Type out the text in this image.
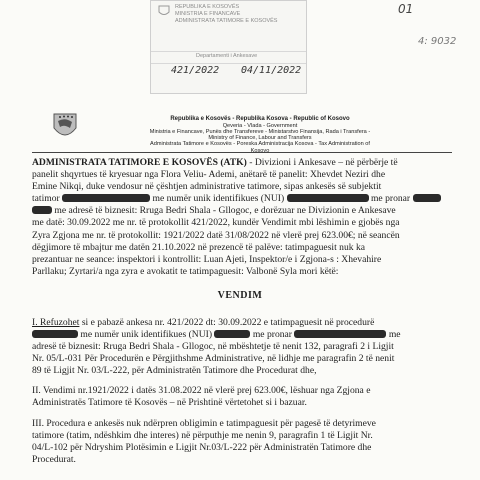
REPUBLIKA E KOSOVËS
MINISTRIA E FINANCAVE
ADMINISTRATA TATIMORE E KOSOVËS
Departamenti i Ankesave
421/2022 04/11/2022
01
4: 9032
Republika e Kosovës - Republika Kosova - Republic of Kosovo
Qeveria - Vlada - Government
Ministria e Financave, Punës dhe Transfereve - Ministarstvo Finansija, Rada i Transfera -
Ministry of Finance, Labour and Transfers
Administrata Tatimore e Kosovës - Poreska Administracija Kosova - Tax Administration of Kosovo
ADMINISTRATA TATIMORE E KOSOVËS (ATK) - Divizioni i Ankesave – në përbërje të
panelit shqyrtues të kryesuar nga Flora Veliu- Ademi, anëtarë të panelit: Xhevdet Neziri dhe
Emine Nikqi, duke vendosur në çështjen administrative tatimore, sipas ankesës së subjektit
tatimor	me numër unik identifikues (NUI)	me pronar
me adresë të biznesit: Rruga Bedri Shala - Gllogoc, e dorëzuar ne Divizionin e Ankesave
me datë: 30.09.2022 me nr. të protokollit 421/2022, kundër Vendimit mbi lëshimin e gjobës nga
Zyra Zgjona me nr. të protokollit: 1921/2022 datë 31/08/2022 në vlerë prej 623.00€; në seancën
dëgjimore të mbajtur me datën 21.10.2022 në prezencë të palëve: tatimpaguesit nuk ka
prezantuar ne seance: inspektori i kontrollit: Luan Ajeti, Inspektor/e i Zgjona-s : Xhevahire
Parllaku; Zyrtari/a nga zyra e avokatit te tatimpaguesit: Valbonë Syla mori këtë:
VENDIM
I. Refuzohet si e pabazë ankesa nr. 421/2022 dt: 30.09.2022 e tatimpaguesit në procedurë
me numër unik identifikues (NUI)	me pronar	me
adresë të biznesit: Rruga Bedri Shala - Gllogoc, në mbështetje të nenit 132, paragrafi 2 i Ligjit
Nr. 05/L-031 Për Procedurën e Përgjithshme Administrative, në lidhje me paragrafin 2 të nenit
89 të Ligjit Nr. 03/L-222, për Administratën Tatimore dhe Procedurat dhe,
II. Vendimi nr.1921/2022 i datës 31.08.2022 në vlerë prej 623.00€, lëshuar nga Zgjona e
Administratës Tatimore të Kosovës – në Prishtinë vërtetohet si i bazuar.
III. Procedura e ankesës nuk ndërpren obligimin e tatimpaguesit për pagesë të detyrimeve
tatimore (tatim, ndëshkim dhe interes) në përputhje me nenin 9, paragrafin 1 të Ligjit Nr.
04/L-102 për Ndryshim Plotësimin e Ligjit Nr.03/L-222 për Administratën Tatimore dhe
Procedurat.
